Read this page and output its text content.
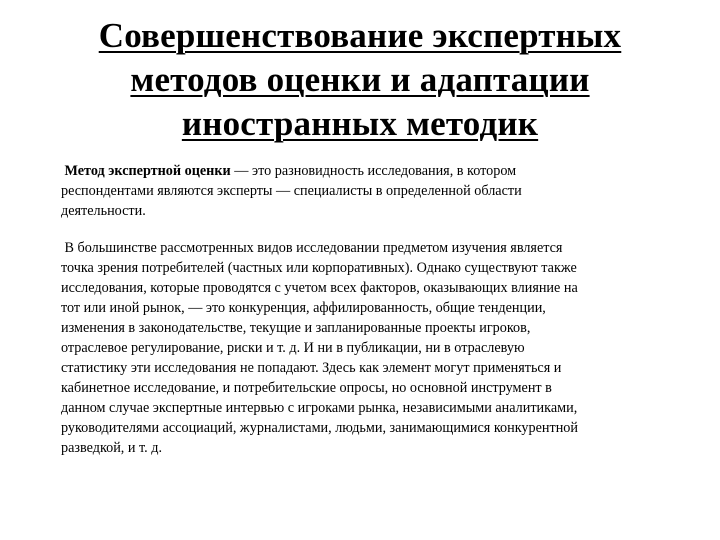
Совершенствование экспертных
методов оценки и адаптации
иностранных методик

Метод экспертной оценки — это разновидность исследования, в котором
респондентами являются эксперты — специалисты в определенной области
деятельности.

В большинстве рассмотренных видов исследовании предметом изучения является
точка зрения потребителей (частных или корпоративных). Однако существуют также
исследования, которые проводятся с учетом всех факторов, оказывающих влияние на
тот или иной рынок, — это конкуренция, аффилированность, общие тенденции,
изменения в законодательстве, текущие и запланированные проекты игроков,
отраслевое регулирование, риски и т. д. И ни в публикации, ни в отраслевую
статистику эти исследования не попадают. Здесь как элемент могут применяться и
кабинетное исследование, и потребительские опросы, но основной инструмент в
данном случае экспертные интервью с игроками рынка, независимыми аналитиками,
руководителями ассоциаций, журналистами, людьми, занимающимися конкурентной
разведкой, и т. д.
